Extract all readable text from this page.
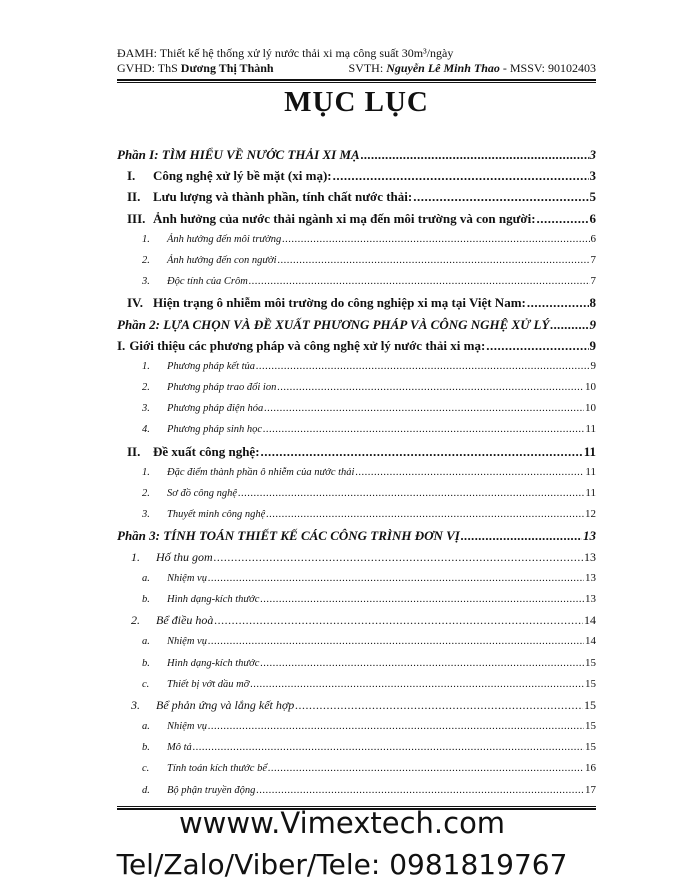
ĐAMH: Thiết kế hệ thống xử lý nước thải xi mạ công suất 30m³/ngày
GVHD: ThS Dương Thị Thành	SVTH: Nguyễn Lê Minh Thao - MSSV: 90102403
MỤC LỤC
Phần I: TÌM HIỂU VỀ NƯỚC THẢI XI MẠ .....	3
I. Công nghệ xử lý bề mặt (xi mạ): .....	3
II. Lưu lượng và thành phần, tính chất nước thải: .....	5
III. Ảnh hưởng của nước thải ngành xi mạ đến môi trường và con người: .....	6
1. Ảnh hưởng đến môi trường .....	6
2. Ảnh hưởng đến con người .....	7
3. Độc tính của Crôm .....	7
IV. Hiện trạng ô nhiễm môi trường do công nghiệp xi mạ tại Việt Nam: .....	8
Phần 2: LỰA CHỌN VÀ ĐỀ XUẤT PHƯƠNG PHÁP VÀ CÔNG NGHỆ XỬ LÝ .....	9
I. Giới thiệu các phương pháp và công nghệ xử lý nước thải xi mạ: .....	9
1. Phương pháp kết tủa .....	9
2. Phương pháp trao đổi ion .....	10
3. Phương pháp điện hóa .....	10
4. Phương pháp sinh học .....	11
II. Đề xuất công nghệ: .....	11
1. Đặc điểm thành phần ô nhiễm của nước thải .....	11
2. Sơ đồ công nghệ .....	11
3. Thuyết minh công nghệ .....	12
Phần 3: TÍNH TOÁN THIẾT KẾ CÁC CÔNG TRÌNH ĐƠN VỊ .....	13
1. Hố thu gom .....	13
a. Nhiệm vụ .....	13
b. Hình dạng-kích thước .....	13
2. Bể điều hoà .....	14
a. Nhiệm vụ .....	14
b. Hình dạng-kích thước .....	15
c. Thiết bị vớt dầu mỡ .....	15
3. Bể phản ứng và lắng kết hợp .....	15
a. Nhiệm vụ .....	15
b. Mô tả .....	15
c. Tính toán kích thước bể .....	16
d. Bộ phận truyền động .....	17
wwww.Vimextech.com
Tel/Zalo/Viber/Tele: 0981819767
